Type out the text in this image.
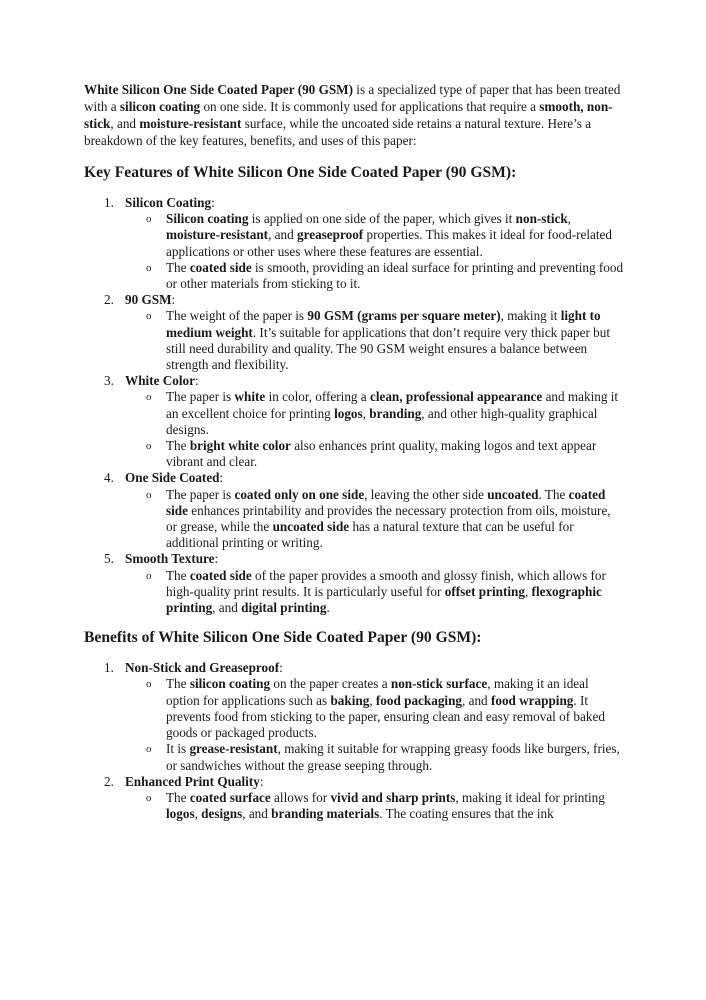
White Silicon One Side Coated Paper (90 GSM) is a specialized type of paper that has been treated with a silicon coating on one side. It is commonly used for applications that require a smooth, non-stick, and moisture-resistant surface, while the uncoated side retains a natural texture. Here’s a breakdown of the key features, benefits, and uses of this paper:

Key Features of White Silicon One Side Coated Paper (90 GSM):
1. Silicon Coating:
o Silicon coating is applied on one side of the paper, which gives it non-stick, moisture-resistant, and greaseproof properties. This makes it ideal for food-related applications or other uses where these features are essential.
o The coated side is smooth, providing an ideal surface for printing and preventing food or other materials from sticking to it.
2. 90 GSM:
o The weight of the paper is 90 GSM (grams per square meter), making it light to medium weight. It’s suitable for applications that don’t require very thick paper but still need durability and quality. The 90 GSM weight ensures a balance between strength and flexibility.
3. White Color:
o The paper is white in color, offering a clean, professional appearance and making it an excellent choice for printing logos, branding, and other high-quality graphical designs.
o The bright white color also enhances print quality, making logos and text appear vibrant and clear.
4. One Side Coated:
o The paper is coated only on one side, leaving the other side uncoated. The coated side enhances printability and provides the necessary protection from oils, moisture, or grease, while the uncoated side has a natural texture that can be useful for additional printing or writing.
5. Smooth Texture:
o The coated side of the paper provides a smooth and glossy finish, which allows for high-quality print results. It is particularly useful for offset printing, flexographic printing, and digital printing.
Benefits of White Silicon One Side Coated Paper (90 GSM):
1. Non-Stick and Greaseproof:
o The silicon coating on the paper creates a non-stick surface, making it an ideal option for applications such as baking, food packaging, and food wrapping. It prevents food from sticking to the paper, ensuring clean and easy removal of baked goods or packaged products.
o It is grease-resistant, making it suitable for wrapping greasy foods like burgers, fries, or sandwiches without the grease seeping through.
2. Enhanced Print Quality:
o The coated surface allows for vivid and sharp prints, making it ideal for printing logos, designs, and branding materials. The coating ensures that the ink
